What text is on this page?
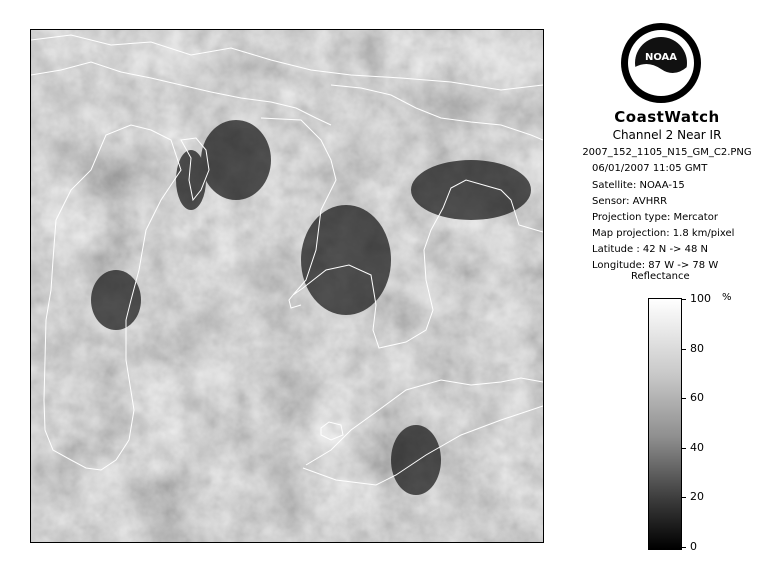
NOAA
CoastWatch
Channel 2 Near IR
2007_152_1105_N15_GM_C2.PNG
06/01/2007 11:05 GMT
Satellite: NOAA-15
Sensor: AVHRR
Projection type: Mercator
Map projection: 1.8 km/pixel
Latitude : 42 N -> 48 N
Longitude: 87 W -> 78 W
Reflectance
%
100
80
60
40
20
0
